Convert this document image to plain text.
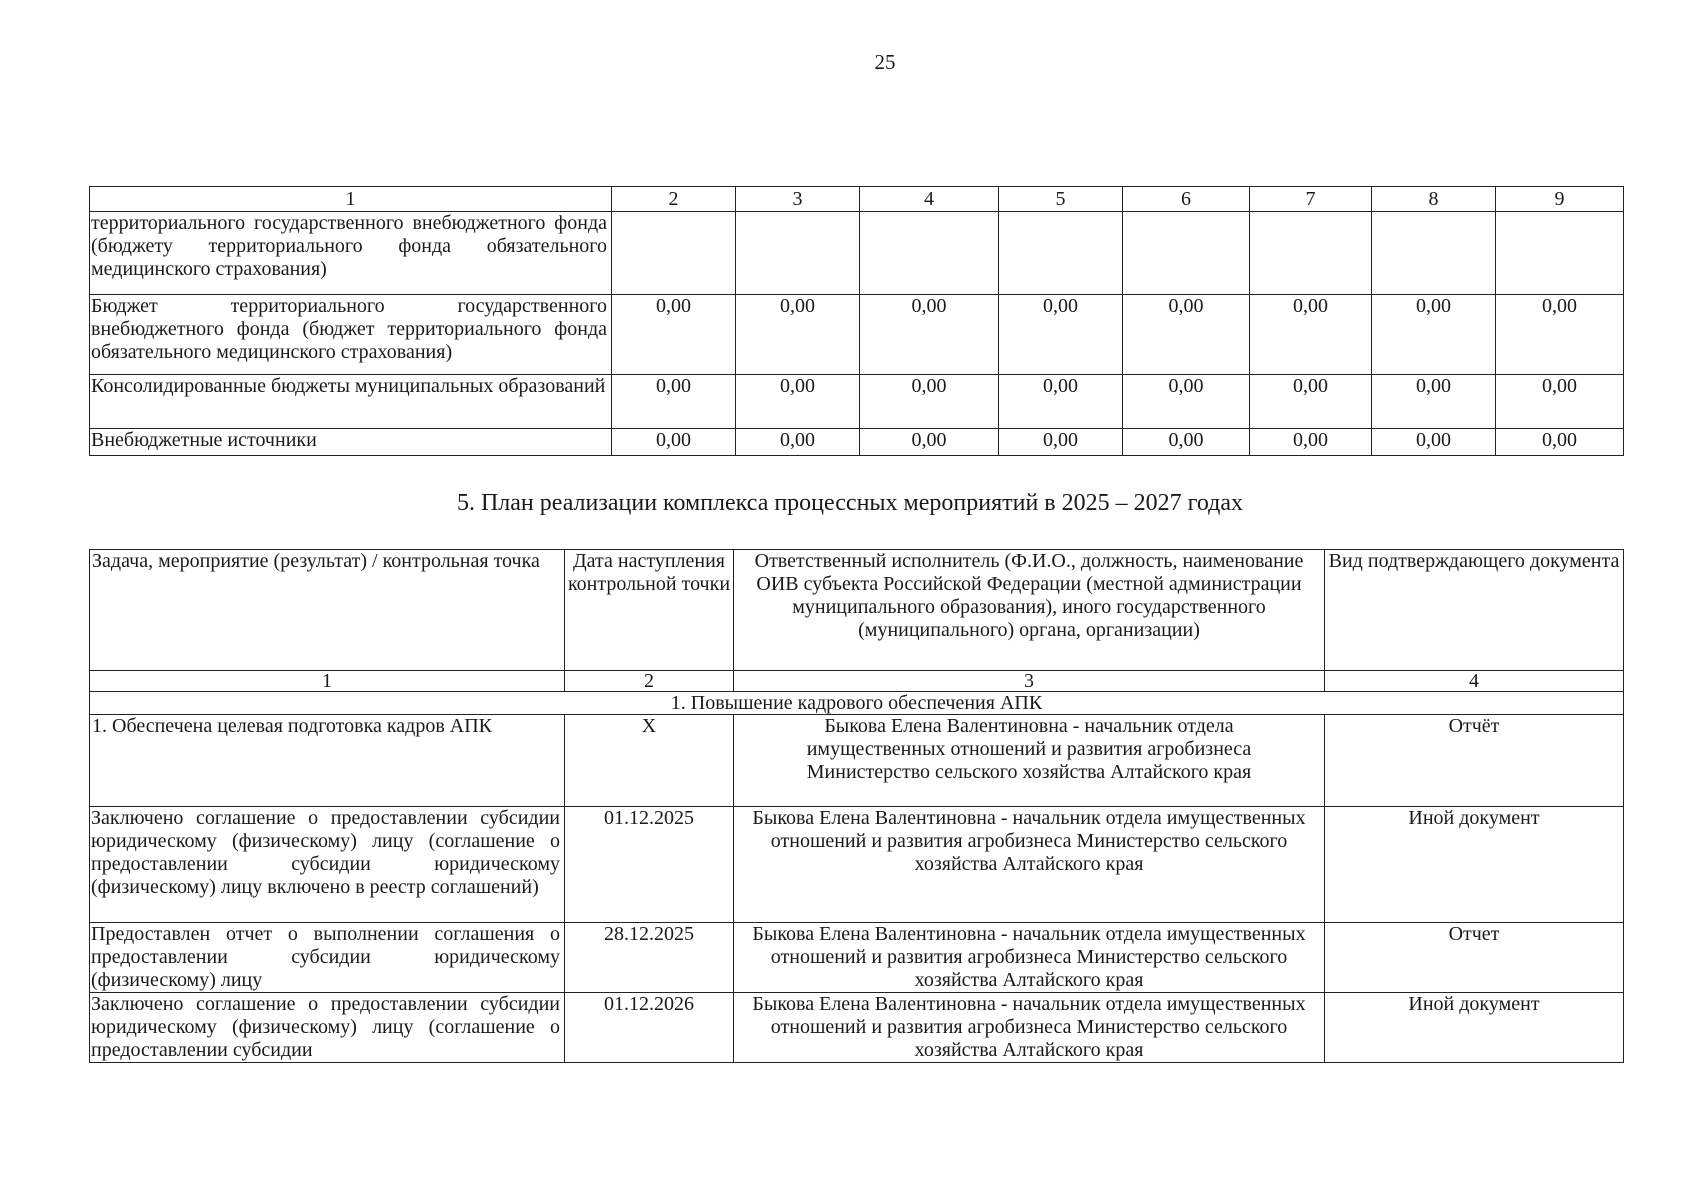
25
1	2	3	4	5	6	7	8	9
территориального государственного внебюджетного фонда (бюджету территориального фонда обязательного медицинского страхования)								
Бюджет территориального государственного внебюджетного фонда (бюджет территориального фонда обязательного медицинского страхования)	0,00	0,00	0,00	0,00	0,00	0,00	0,00	0,00
Консолидированные бюджеты муниципальных образований	0,00	0,00	0,00	0,00	0,00	0,00	0,00	0,00
Внебюджетные источники	0,00	0,00	0,00	0,00	0,00	0,00	0,00	0,00
5. План реализации комплекса процессных мероприятий в 2025 – 2027 годах
Задача, мероприятие (результат) / контрольная точка	Дата наступления контрольной точки	Ответственный исполнитель (Ф.И.О., должность, наименование ОИВ субъекта Российской Федерации (местной администрации муниципального образования), иного государственного (муниципального) органа, организации)	Вид подтверждающего документа
1	2	3	4
1. Повышение кадрового обеспечения АПК			
1. Обеспечена целевая подготовка кадров АПК	Х	Быкова Елена Валентиновна - начальник отдела имущественных отношений и развития агробизнеса Министерство сельского хозяйства Алтайского края	Отчёт
Заключено соглашение о предоставлении субсидии юридическому (физическому) лицу (соглашение о предоставлении субсидии юридическому (физическому) лицу включено в реестр соглашений)	01.12.2025	Быкова Елена Валентиновна - начальник отдела имущественных отношений и развития агробизнеса Министерство сельского хозяйства Алтайского края	Иной документ
Предоставлен отчет о выполнении соглашения о предоставлении субсидии юридическому (физическому) лицу	28.12.2025	Быкова Елена Валентиновна - начальник отдела имущественных отношений и развития агробизнеса Министерство сельского хозяйства Алтайского края	Отчет
Заключено соглашение о предоставлении субсидии юридическому (физическому) лицу (соглашение о предоставлении субсидии	01.12.2026	Быкова Елена Валентиновна - начальник отдела имущественных отношений и развития агробизнеса Министерство сельского хозяйства Алтайского края	Иной документ
